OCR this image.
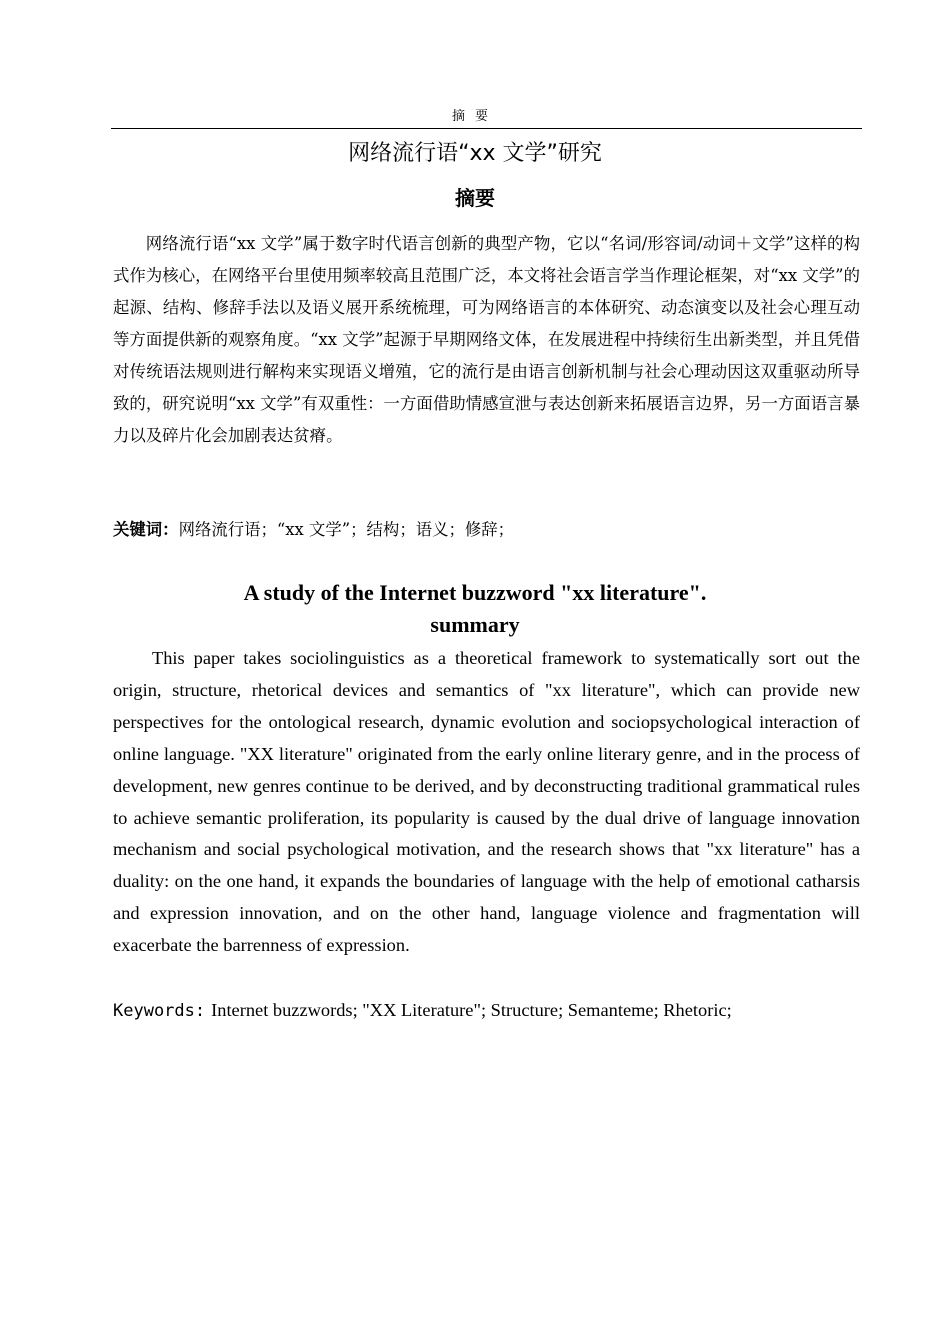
摘要
网络流行语“xx 文学”研究
摘要

网络流行语“xx 文学”属于数字时代语言创新的典型产物，它以“名词/形容词/动词＋文学”这样的构式作为核心，在网络平台里使用频率较高且范围广泛，本文将社会语言学当作理论框架，对“xx 文学”的起源、结构、修辞手法以及语义展开系统梳理，可为网络语言的本体研究、动态演变以及社会心理互动等方面提供新的观察角度。“xx 文学”起源于早期网络文体，在发展进程中持续衍生出新类型，并且凭借对传统语法规则进行解构来实现语义增殖，它的流行是由语言创新机制与社会心理动因这双重驱动所导致的，研究说明“xx 文学”有双重性：一方面借助情感宣泄与表达创新来拓展语言边界，另一方面语言暴力以及碎片化会加剧表达贫瘠。

关键词：网络流行语；“xx 文学”；结构；语义；修辞；

A study of the Internet buzzword "xx literature".
summary

This paper takes sociolinguistics as a theoretical framework to systematically sort out the origin, structure, rhetorical devices and semantics of "xx literature", which can provide new perspectives for the ontological research, dynamic evolution and sociopsychological interaction of online language. "XX literature" originated from the early online literary genre, and in the process of development, new genres continue to be derived, and by deconstructing traditional grammatical rules to achieve semantic proliferation, its popularity is caused by the dual drive of language innovation mechanism and social psychological motivation, and the research shows that "xx literature" has a duality: on the one hand, it expands the boundaries of language with the help of emotional catharsis and expression innovation, and on the other hand, language violence and fragmentation will exacerbate the barrenness of expression.

Keywords: Internet buzzwords; "XX Literature"; Structure; Semanteme; Rhetoric;
